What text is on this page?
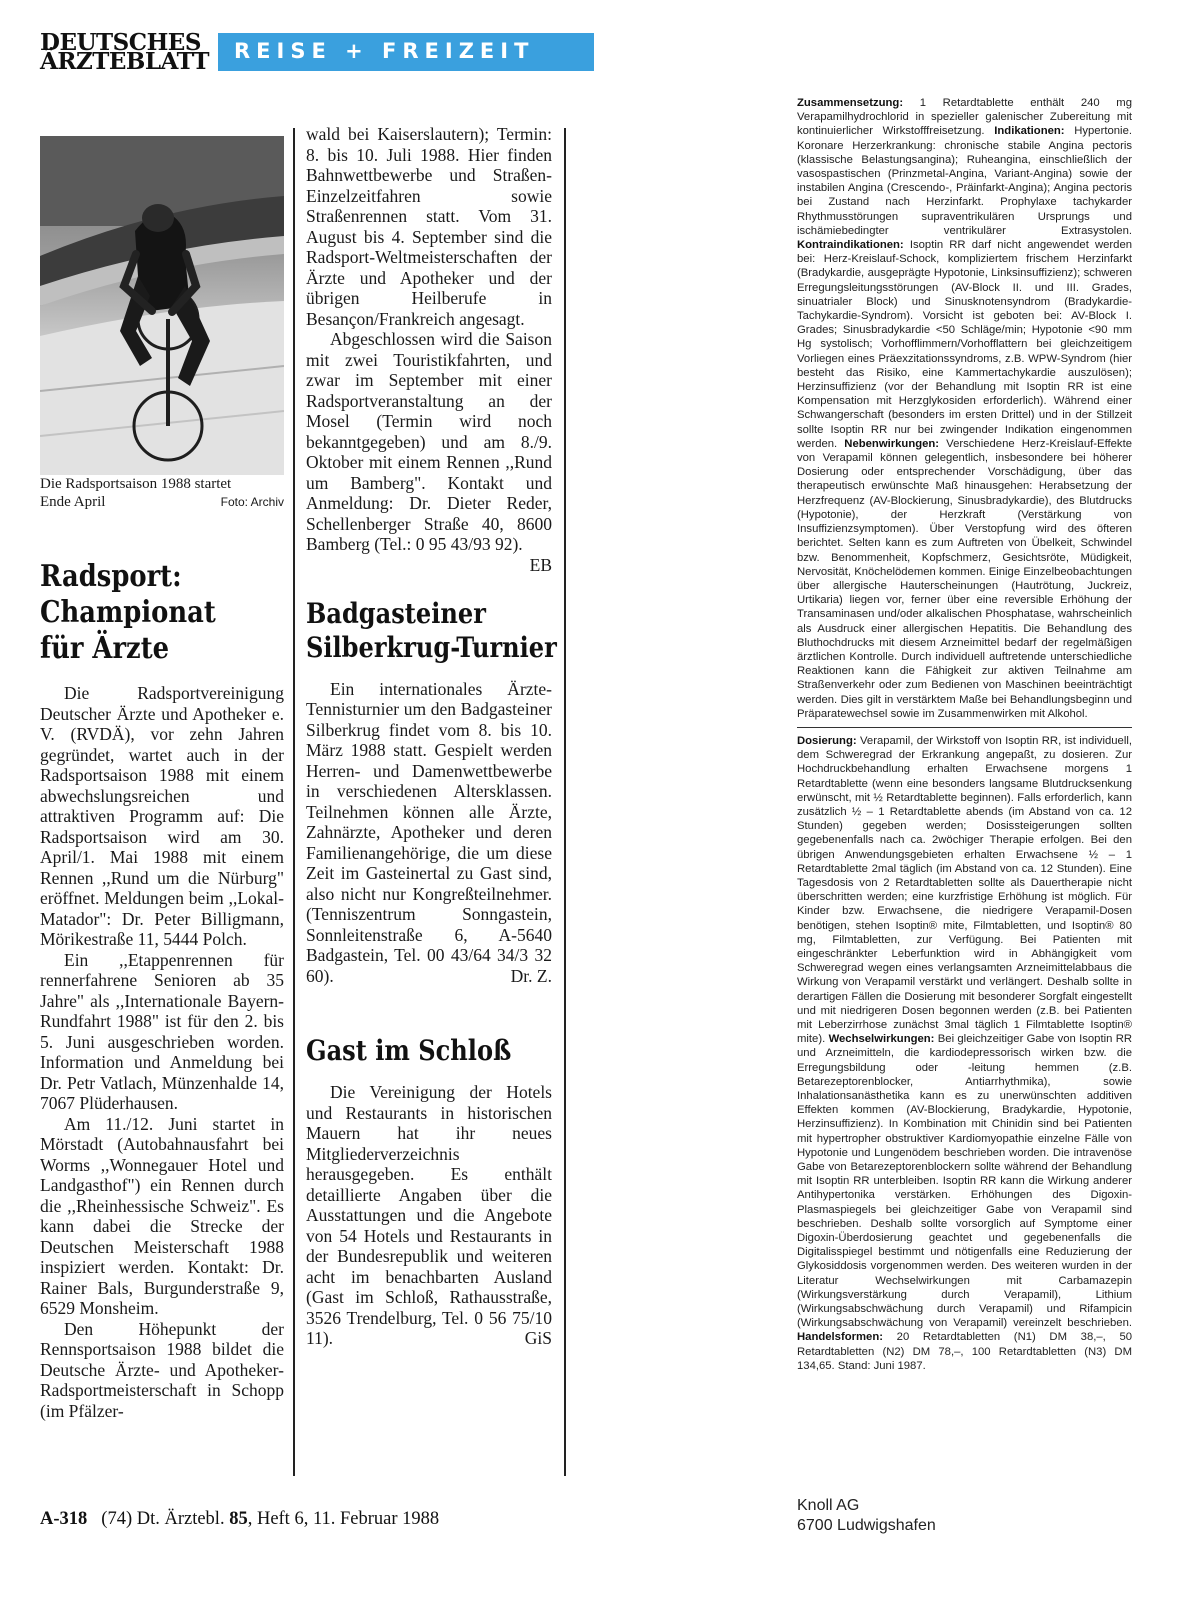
DEUTSCHES
ÄRZTEBLATT REISE + FREIZEIT
Die Radsportsaison 1988 startet
Ende April	Foto: Archiv
Radsport:
Championat
für Ärzte

Die Radsportvereinigung Deutscher Ärzte und Apotheker e. V. (RVDÄ), vor zehn Jahren gegründet, wartet auch in der Radsportsaison 1988 mit einem abwechslungsreichen und attraktiven Programm auf: Die Radsportsaison wird am 30. April/1. Mai 1988 mit einem Rennen ,,Rund um die Nürburg" eröffnet. Meldungen beim ,,Lokal-Matador": Dr. Peter Billigmann, Mörikestraße 11, 5444 Polch.

Ein ,,Etappenrennen für rennerfahrene Senioren ab 35 Jahre" als ,,Internationale Bayern-Rundfahrt 1988" ist für den 2. bis 5. Juni ausgeschrieben worden. Information und Anmeldung bei Dr. Petr Vatlach, Münzenhalde 14, 7067 Plüderhausen.

Am 11./12. Juni startet in Mörstadt (Autobahnausfahrt bei Worms ,,Wonnegauer Hotel und Landgasthof") ein Rennen durch die ,,Rheinhessische Schweiz". Es kann dabei die Strecke der Deutschen Meisterschaft 1988 inspiziert werden. Kontakt: Dr. Rainer Bals, Burgunderstraße 9, 6529 Monsheim.

Den Höhepunkt der Rennsportsaison 1988 bildet die Deutsche Ärzte- und Apotheker-Radsportmeisterschaft in Schopp (im Pfälzer-

wald bei Kaiserslautern); Termin: 8. bis 10. Juli 1988. Hier finden Bahnwettbewerbe und Straßen-Einzelzeitfahren sowie Straßenrennen statt. Vom 31. August bis 4. September sind die Radsport-Weltmeisterschaften der Ärzte und Apotheker und der übrigen Heilberufe in Besançon/Frankreich angesagt.

Abgeschlossen wird die Saison mit zwei Touristikfahrten, und zwar im September mit einer Radsportveranstaltung an der Mosel (Termin wird noch bekanntgegeben) und am 8./9. Oktober mit einem Rennen ,,Rund um Bamberg". Kontakt und Anmeldung: Dr. Dieter Reder, Schellenberger Straße 40, 8600 Bamberg (Tel.: 0 95 43/93 92).
EB

Badgasteiner
Silberkrug-Turnier

Ein internationales Ärzte-Tennisturnier um den Badgasteiner Silberkrug findet vom 8. bis 10. März 1988 statt. Gespielt werden Herren- und Damenwettbewerbe in verschiedenen Altersklassen. Teilnehmen können alle Ärzte, Zahnärzte, Apotheker und deren Familienangehörige, die um diese Zeit im Gasteinertal zu Gast sind, also nicht nur Kongreßteilnehmer. (Tenniszentrum Sonngastein, Sonnleitenstraße 6, A-5640 Badgastein, Tel. 00 43/64 34/3 32 60).	Dr. Z.

Gast im Schloß

Die Vereinigung der Hotels und Restaurants in historischen Mauern hat ihr neues Mitgliederverzeichnis herausgegeben. Es enthält detaillierte Angaben über die Ausstattungen und die Angebote von 54 Hotels und Restaurants in der Bundesrepublik und weiteren acht im benachbarten Ausland (Gast im Schloß, Rathausstraße, 3526 Trendelburg, Tel. 0 56 75/10 11).	GiS

Zusammensetzung: 1 Retardtablette enthält 240 mg Verapamilhydrochlorid in spezieller galenischer Zubereitung mit kontinuierlicher Wirkstofffreisetzung. Indikationen: Hypertonie. Koronare Herzerkrankung: chronische stabile Angina pectoris (klassische Belastungsangina); Ruheangina, einschließlich der vasospastischen (Prinzmetal-Angina, Variant-Angina) sowie der instabilen Angina (Crescendo-, Präinfarkt-Angina); Angina pectoris bei Zustand nach Herzinfarkt. Prophylaxe tachykarder Rhythmusstörungen supraventrikulären Ursprungs und ischämiebedingter ventrikulärer Extrasystolen. Kontraindikationen: Isoptin RR darf nicht angewendet werden bei: Herz-Kreislauf-Schock, kompliziertem frischem Herzinfarkt (Bradykardie, ausgeprägte Hypotonie, Linksinsuffizienz); schweren Erregungsleitungsstörungen (AV-Block II. und III. Grades, sinuatrialer Block) und Sinusknotensyndrom (Bradykardie-Tachykardie-Syndrom). Vorsicht ist geboten bei: AV-Block I. Grades; Sinusbradykardie <50 Schläge/min; Hypotonie <90 mm Hg systolisch; Vorhofflimmern/Vorhofflattern bei gleichzeitigem Vorliegen eines Präexzitationssyndroms, z.B. WPW-Syndrom (hier besteht das Risiko, eine Kammertachykardie auszulösen); Herzinsuffizienz (vor der Behandlung mit Isoptin RR ist eine Kompensation mit Herzglykosiden erforderlich). Während einer Schwangerschaft (besonders im ersten Drittel) und in der Stillzeit sollte Isoptin RR nur bei zwingender Indikation eingenommen werden. Nebenwirkungen: Verschiedene Herz-Kreislauf-Effekte von Verapamil können gelegentlich, insbesondere bei höherer Dosierung oder entsprechender Vorschädigung, über das therapeutisch erwünschte Maß hinausgehen: Herabsetzung der Herzfrequenz (AV-Blockierung, Sinusbradykardie), des Blutdrucks (Hypotonie), der Herzkraft (Verstärkung von Insuffizienzsymptomen). Über Verstopfung wird des öfteren berichtet. Selten kann es zum Auftreten von Übelkeit, Schwindel bzw. Benommenheit, Kopfschmerz, Gesichtsröte, Müdigkeit, Nervosität, Knöchelödemen kommen. Einige Einzelbeobachtungen über allergische Hauterscheinungen (Hautrötung, Juckreiz, Urtikaria) liegen vor, ferner über eine reversible Erhöhung der Transaminasen und/oder alkalischen Phosphatase, wahrscheinlich als Ausdruck einer allergischen Hepatitis. Die Behandlung des Bluthochdrucks mit diesem Arzneimittel bedarf der regelmäßigen ärztlichen Kontrolle. Durch individuell auftretende unterschiedliche Reaktionen kann die Fähigkeit zur aktiven Teilnahme am Straßenverkehr oder zum Bedienen von Maschinen beeinträchtigt werden. Dies gilt in verstärktem Maße bei Behandlungsbeginn und Präparatewechsel sowie im Zusammenwirken mit Alkohol.
Dosierung: Verapamil, der Wirkstoff von Isoptin RR, ist individuell, dem Schweregrad der Erkrankung angepaßt, zu dosieren. Zur Hochdruckbehandlung erhalten Erwachsene morgens 1 Retardtablette (wenn eine besonders langsame Blutdrucksenkung erwünscht, mit ½ Retardtablette beginnen). Falls erforderlich, kann zusätzlich ½ – 1 Retardtablette abends (im Abstand von ca. 12 Stunden) gegeben werden; Dosissteigerungen sollten gegebenenfalls nach ca. 2wöchiger Therapie erfolgen. Bei den übrigen Anwendungsgebieten erhalten Erwachsene ½ – 1 Retardtablette 2mal täglich (im Abstand von ca. 12 Stunden). Eine Tagesdosis von 2 Retardtabletten sollte als Dauertherapie nicht überschritten werden; eine kurzfristige Erhöhung ist möglich. Für Kinder bzw. Erwachsene, die niedrigere Verapamil-Dosen benötigen, stehen Isoptin® mite, Filmtabletten, und Isoptin® 80 mg, Filmtabletten, zur Verfügung. Bei Patienten mit eingeschränkter Leberfunktion wird in Abhängigkeit vom Schweregrad wegen eines verlangsamten Arzneimittelabbaus die Wirkung von Verapamil verstärkt und verlängert. Deshalb sollte in derartigen Fällen die Dosierung mit besonderer Sorgfalt eingestellt und mit niedrigeren Dosen begonnen werden (z.B. bei Patienten mit Leberzirrhose zunächst 3mal täglich 1 Filmtablette Isoptin® mite). Wechselwirkungen: Bei gleichzeitiger Gabe von Isoptin RR und Arzneimitteln, die kardiodepressorisch wirken bzw. die Erregungsbildung oder -leitung hemmen (z.B. Betarezeptorenblocker, Antiarrhythmika), sowie Inhalationsanästhetika kann es zu unerwünschten additiven Effekten kommen (AV-Blockierung, Bradykardie, Hypotonie, Herzinsuffizienz). In Kombination mit Chinidin sind bei Patienten mit hypertropher obstruktiver Kardiomyopathie einzelne Fälle von Hypotonie und Lungenödem beschrieben worden. Die intravenöse Gabe von Betarezeptorenblockern sollte während der Behandlung mit Isoptin RR unterbleiben. Isoptin RR kann die Wirkung anderer Antihypertonika verstärken. Erhöhungen des Digoxin-Plasmaspiegels bei gleichzeitiger Gabe von Verapamil sind beschrieben. Deshalb sollte vorsorglich auf Symptome einer Digoxin-Überdosierung geachtet und gegebenenfalls die Digitalisspiegel bestimmt und nötigenfalls eine Reduzierung der Glykosiddosis vorgenommen werden. Des weiteren wurden in der Literatur Wechselwirkungen mit Carbamazepin (Wirkungsverstärkung durch Verapamil), Lithium (Wirkungsabschwächung durch Verapamil) und Rifampicin (Wirkungsabschwächung von Verapamil) vereinzelt beschrieben. Handelsformen: 20 Retardtabletten (N1) DM 38,–, 50 Retardtabletten (N2) DM 78,–, 100 Retardtabletten (N3) DM 134,65. Stand: Juni 1987.
Knoll AG
6700 Ludwigshafen
A-318 (74) Dt. Ärztebl. 85, Heft 6, 11. Februar 1988
